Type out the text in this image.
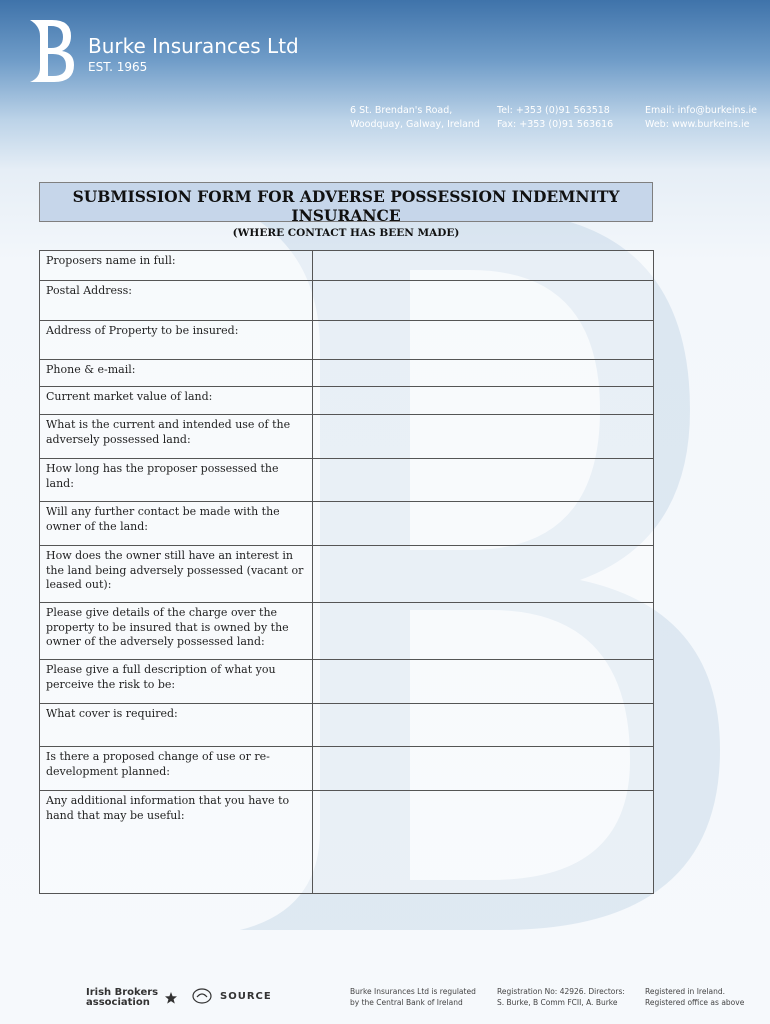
Burke Insurances Ltd
EST. 1965
6 St. Brendan's Road,
Woodquay, Galway, Ireland
Tel: +353 (0)91 563518
Fax: +353 (0)91 563616
Email: info@burkeins.ie
Web: www.burkeins.ie
SUBMISSION FORM FOR ADVERSE POSSESSION INDEMNITY INSURANCE
(WHERE CONTACT HAS BEEN MADE)
Proposers name in full:	
Postal Address:	
Address of Property to be insured:	
Phone & e-mail:	
Current market value of land:	
What is the current and intended use of the adversely possessed land:	
How long has the proposer possessed the land:	
Will any further contact be made with the owner of the land:	
How does the owner still have an interest in the land being adversely possessed (vacant or leased out):	
Please give details of the charge over the property to be insured that is owned by the owner of the adversely possessed land:	
Please give a full description of what you perceive the risk to be:	
What cover is required:	
Is there a proposed change of use or re-development planned:	
Any additional information that you have to hand that may be useful:	
Irish Brokers
association
SOURCE	Burke Insurances Ltd is regulated
by the Central Bank of Ireland
Registration No: 42926. Directors:
S. Burke, B Comm FCII, A. Burke
Registered in Ireland.
Registered office as above
